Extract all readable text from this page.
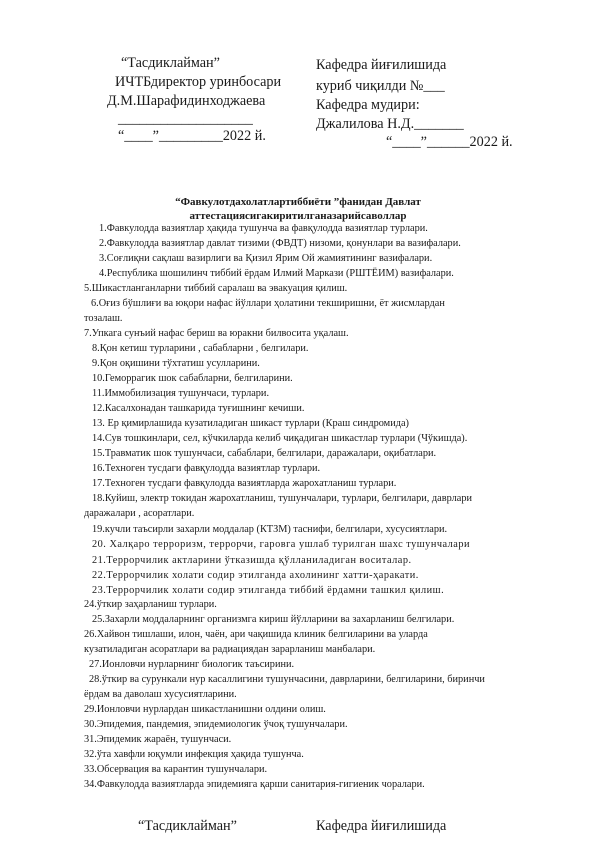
“Тасдиклайман”
ИЧТБдиректор уринбосари
Д.М.Шарафидинходжаева
___________________
“____”_________2022 й.
Кафедра йиғилишида
куриб чиқилди №___
Кафедра мудири:
Джалилова Н.Д._______
“____”______2022 й.
“Фавкулотдахолатлартиббиёти ”фанидан Давлат
аттестациясигакиритилганазарийсаволлар
1.Фавкулодда вазиятлар ҳақида тушунча ва фавқулодда вазиятлар турлари.
2.Фавкулодда вазиятлар давлат тизими (ФВДТ) низоми, қонунлари ва вазифалари.
3.Соғлиқни сақлаш вазирлиги ва Қизил Ярим Ой жамиятининг вазифалари.
4.Республика шошилинч тиббий ёрдам Илмий Маркази (РШТЁИМ) вазифалари.
5.Шикастланганларни тиббий саралаш ва эвакуация қилиш.
6.Оғиз бўшлиғи ва юқори нафас йўллари ҳолатини текширишни, ёт жисмлардан
тозалаш.
7.Упкага сунъий нафас бериш ва юракни билвосита уқалаш.
8.Қон кетиш турларини , сабабларни , белгилари.
9.Қон оқишини тўхтатиш усулларини.
10.Геморрагик шок сабабларни, белгиларини.
11.Иммобилизация тушунчаси, турлари.
12.Касалхонадан ташкарида туғишнинг кечиши.
13. Ер қимирлашида кузатиладиган шикаст турлари (Краш синдромида)
14.Сув тошкинлари, сел, кўчкиларда келиб чиқадиган шикастлар турлари (Чўкишда).
15.Травматик шок тушунчаси, сабаблари, белгилари, даражалари, оқибатлари.
16.Техноген тусдаги фавқулодда вазиятлар турлари.
17.Техноген тусдаги фавқулодда вазиятларда жарохатланиш турлари.
18.Куйиш, электр токидан жарохатланиш, тушунчалари, турлари, белгилари, даврлари
даражалари , асоратлари.
19.кучли таъсирли захарли моддалар (КТЗМ) таснифи, белгилари, хусусиятлари.
20. Халқаро терроризм, террорчи, гаровга ушлаб турилган шахс тушунчалари
21.Террорчилик актларини ўтказишда қўлланиладиган воситалар.
22.Террорчилик холати содир этилганда ахолининг хатти-ҳаракати.
23.Террорчилик холати содир этилганда тиббий ёрдамни ташкил қилиш.
24.ўткир заҳарланиш турлари.
25.Захарли моддаларнинг организмга кириш йўлларини ва захарланиш белгилари.
26.Хайвон тишлаши, илон, чаён, ари чақишида клиник белгиларини ва уларда
кузатиладиган асоратлари ва радиациядан зарарланиш манбалари.
27.Ионловчи нурларнинг биологик таъсирини.
28.ўткир ва сурункали нур касаллигини тушунчасини, даврларини, белгиларини, биринчи
ёрдам ва даволаш хусусиятларини.
29.Ионловчи нурлардан шикастланишни олдини олиш.
30.Эпидемия, пандемия, эпидемиологик ўчоқ тушунчалари.
31.Эпидемик жараён, тушунчаси.
32.ўта хавфли юқумли инфекция ҳақида тушунча.
33.Обсервация ва карантин тушунчалари.
34.Фавкулодда вазиятларда эпидемияга қарши санитария-гигиеник чоралари.
“Тасдиклайман”	Кафедра йиғилишида
